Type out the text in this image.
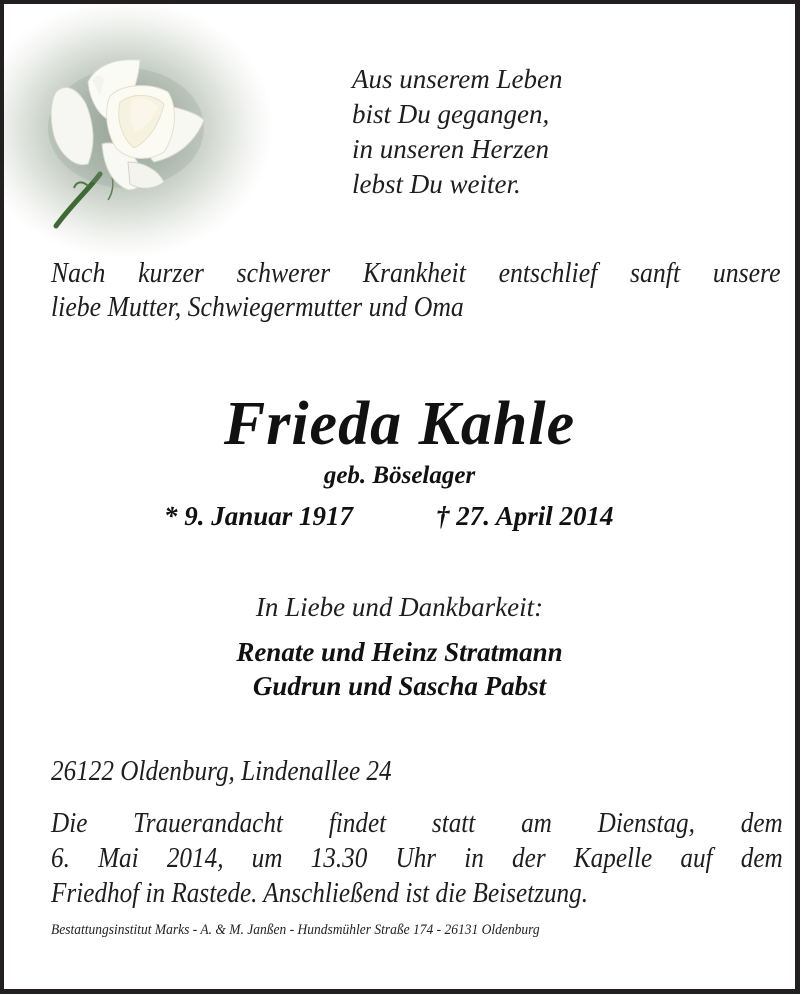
Aus unserem Leben
bist Du gegangen,
in unseren Herzen
lebst Du weiter.
Nach kurzer schwerer Krankheit entschlief sanft unsere
liebe Mutter, Schwiegermutter und Oma
Frieda Kahle
geb. Böselager
* 9. Januar 1917	† 27. April 2014
In Liebe und Dankbarkeit:
Renate und Heinz Stratmann
Gudrun und Sascha Pabst
26122 Oldenburg, Lindenallee 24
Die Trauerandacht findet statt am Dienstag, dem
6. Mai 2014, um 13.30 Uhr in der Kapelle auf dem
Friedhof in Rastede. Anschließend ist die Beisetzung.
Bestattungsinstitut Marks - A. & M. Janßen - Hundsmühler Straße 174 - 26131 Oldenburg
